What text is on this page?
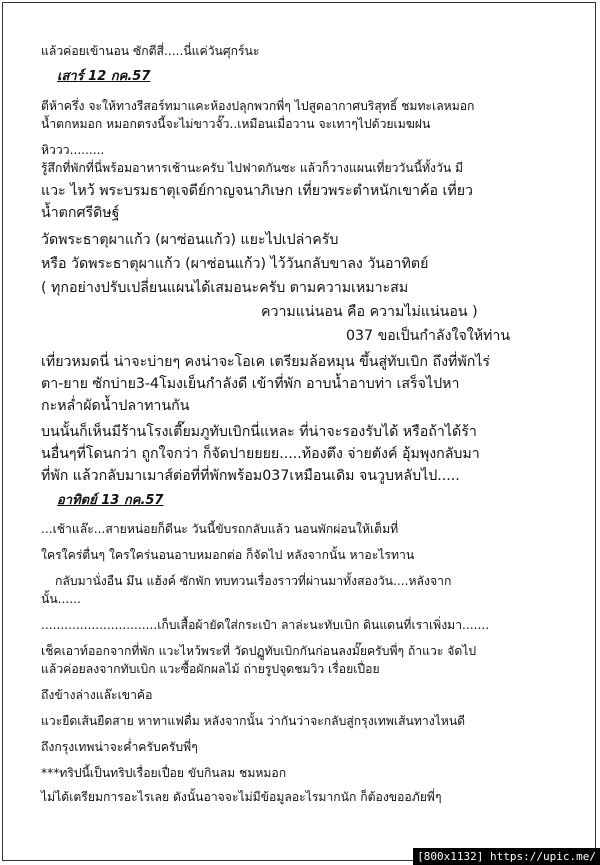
แล้วค่อยเข้านอน ซักตีสี่.....นี่แค่วันศุกร์นะ
เสาร์ 12 กค.57
ตีห้าครึ่ง จะให้ทางรีสอร์ทมาแคะห้องปลุกพวกพี่ๆ ไปสูดอากาศบริสุทธิ์ ชมทะเลหมอก
น้ำตกหมอก หมอกตรงนี้จะไม่ขาวจั๊ว..เหมือนเมื่อวาน จะเทาๆไปด้วยเมฆฝน
หิววว.........
รู้สึกที่พักที่นี่พร้อมอาหารเช้านะครับ ไปฟาดกันซะ แล้วก็วางแผนเที่ยววันนี้ทั้งวัน มี
แวะ ไหว้ พระบรมธาตุเจดีย์กาญจนาภิเษก เที่ยวพระตำหนักเขาค้อ เที่ยว
น้ำตกศรีดิษฐ์
วัดพระธาตุผาแก้ว (ผาซ่อนแก้ว) แยะไปเปล่าครับ
หรือ วัดพระธาตุผาแก้ว (ผาซ่อนแก้ว) ไว้วันกลับขาลง วันอาทิตย์
( ทุกอย่างปรับเปลี่ยนแผนได้เสมอนะครับ ตามความเหมาะสม
ความแน่นอน คือ ความไม่แน่นอน )
037 ขอเป็นกำลังใจให้ท่าน
เที่ยวหมดนี่ น่าจะบ่ายๆ คงน่าจะโอเค เตรียมล้อหมุน ขึ้นสู่ทับเบิก ถึงที่พักไร่
ตา-ยาย ซักบ่าย3-4โมงเย็นกำลังดี เข้าที่พัก อาบน้ำอาบท่า เสร็จไปหา
กะหล่ำผัดน้ำปลาทานกัน
บนนั้นก็เห็นมีร้านโรงเตี๊ยมภูทับเบิกนี่แหละ ที่น่าจะรองรับได้ หรือถ้าได้ร้า
นอื่นๆที่โดนกว่า ถูกใจกว่า ก็จัดปายยยย.....ท้องตึง จ่ายตังค์ อุ้มพุงกลับมา
ที่พัก แล้วกลับมาเมาส์ต่อที่ที่พักพร้อม037เหมือนเดิม จนวูบหลับไป.....
อาทิตย์ 13 กค.57
...เช้าแล๊ะ...สายหน่อยก็ดีนะ วันนี้ขับรถกลับแล้ว นอนพักผ่อนให้เต็มที่
ใครใคร่ตื่นๆ ใครใคร่นอนอาบหมอกต่อ ก็จัดไป หลังจากนั้น หาอะไรทาน
กลับมานั่งอืน มึน แฮ้งค์ ซักพัก ทบทวนเรื่องราวที่ผ่านมาทั้งสองวัน....หลังจาก
นั้น......
..............................เก็บเสื้อผ้ายัดใส่กระเป๋า ลาล่ะนะทับเบิก ดินแดนที่เราเพิ่งมา.......
เช็คเอาท์ออกจากที่พัก แวะไหว้พระที่ วัดปฏูทับเบิกกันก่อนลงมั๊ยครับพี่ๆ ถ้าแวะ จัดไป
แล้วค่อยลงจากทับเบิก แวะซื้อผักผลไม้ ถ่ายรูปจุดชมวิว เรื่อยเปื่อย
ถึงข้างล่างแล๊ะเขาค้อ
แวะยืดเส้นยืดสาย หาทาแฟดื่ม หลังจากนั้น ว่ากันว่าจะกลับสู่กรุงเทพเส้นทางไหนดี
ถึงกรุงเทพน่าจะค่ำครับครับพี่ๆ
***ทริปนี้เป็นทริปเรื่อยเปื่อย ขับกินลม ชมหมอก
ไม่ได้เตรียมการอะไรเลย ดังนั้นอาจจะไม่มีข้อมูลอะไรมากนัก ก็ต้องขออภัยพี่ๆ
[800x1132] https://upic.me/
